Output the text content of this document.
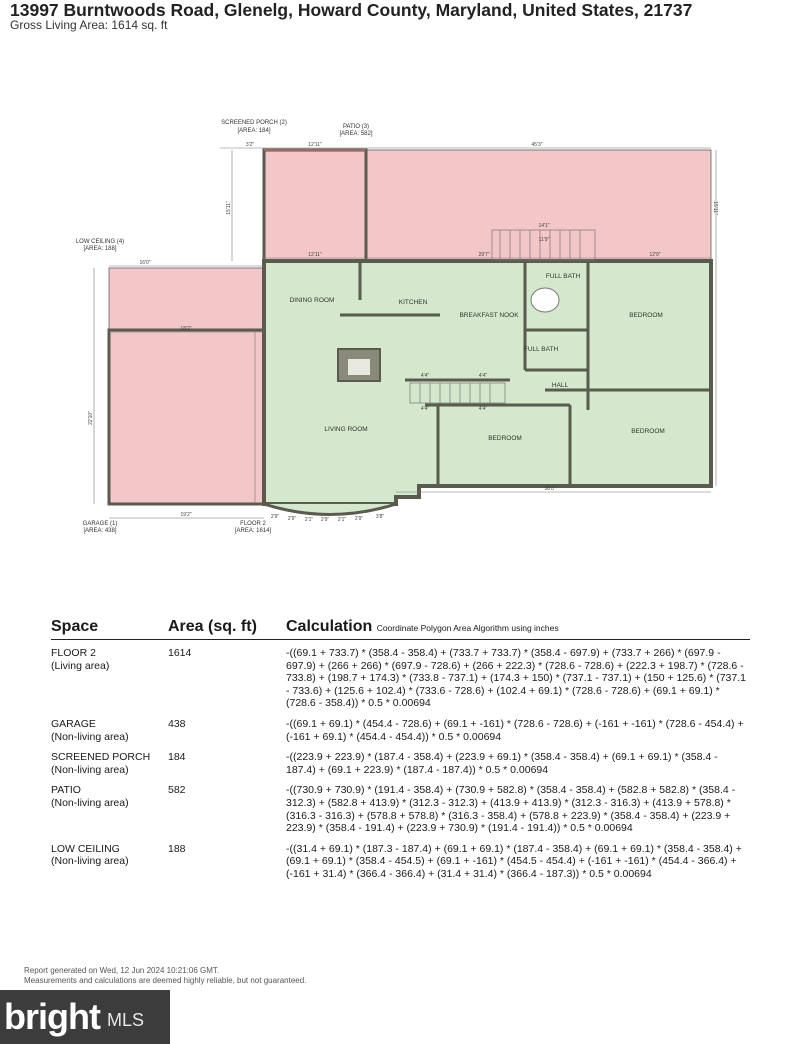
13997 Burntwoods Road, Glenelg, Howard County, Maryland, United States, 21737
Gross Living Area: 1614 sq. ft
SCREENED PORCH (2)
[AREA: 184]
PATIO (3)
[AREA: 582]
LOW CEILING (4)
[AREA: 188]
GARAGE (1)
[AREA: 438]
FLOOR 2
[AREA: 1614]
DINING ROOM	KITCHEN
BREAKFAST NOOK
FULL BATH
FULL BATH
BEDROOM
HALL
LIVING ROOM
BEDROOM
BEDROOM
3'2"	12'11"	45'3"
14'1"
11'9"
16'0"
12'11"	29'7"	12'9"
18'2"
19'2"
38'0"
2'9" 2'9" 2'1" 2'9" 2'1" 2'9"	3'8"
4'4"	4'4"
4'4"	4'4"
15'11"	15'11"
22'10"
Space	Area (sq. ft)	Calculation Coordinate Polygon Area Algorithm using inches
FLOOR 2
(Living area)
1614	-((69.1 + 733.7) * (358.4 - 358.4) + (733.7 + 733.7) * (358.4 - 697.9) + (733.7 + 266) * (697.9 - 697.9) + (266 + 266) * (697.9 - 728.6) + (266 + 222.3) * (728.6 - 728.6) + (222.3 + 198.7) * (728.6 - 733.8) + (198.7 + 174.3) * (733.8 - 737.1) + (174.3 + 150) * (737.1 - 737.1) + (150 + 125.6) * (737.1 - 733.6) + (125.6 + 102.4) * (733.6 - 728.6) + (102.4 + 69.1) * (728.6 - 728.6) + (69.1 + 69.1) * (728.6 - 358.4)) * 0.5 * 0.00694
GARAGE
(Non-living area)
438	-((69.1 + 69.1) * (454.4 - 728.6) + (69.1 + -161) * (728.6 - 728.6) + (-161 + -161) * (728.6 - 454.4) + (-161 + 69.1) * (454.4 - 454.4)) * 0.5 * 0.00694
SCREENED PORCH
(Non-living area)
184	-((223.9 + 223.9) * (187.4 - 358.4) + (223.9 + 69.1) * (358.4 - 358.4) + (69.1 + 69.1) * (358.4 - 187.4) + (69.1 + 223.9) * (187.4 - 187.4)) * 0.5 * 0.00694
PATIO
(Non-living area)
582	-((730.9 + 730.9) * (191.4 - 358.4) + (730.9 + 582.8) * (358.4 - 358.4) + (582.8 + 582.8) * (358.4 - 312.3) + (582.8 + 413.9) * (312.3 - 312.3) + (413.9 + 413.9) * (312.3 - 316.3) + (413.9 + 578.8) * (316.3 - 316.3) + (578.8 + 578.8) * (316.3 - 358.4) + (578.8 + 223.9) * (358.4 - 358.4) + (223.9 + 223.9) * (358.4 - 191.4) + (223.9 + 730.9) * (191.4 - 191.4)) * 0.5 * 0.00694
LOW CEILING
(Non-living area)
188	-((31.4 + 69.1) * (187.3 - 187.4) + (69.1 + 69.1) * (187.4 - 358.4) + (69.1 + 69.1) * (358.4 - 358.4) + (69.1 + 69.1) * (358.4 - 454.5) + (69.1 + -161) * (454.5 - 454.4) + (-161 + -161) * (454.4 - 366.4) + (-161 + 31.4) * (366.4 - 366.4) + (31.4 + 31.4) * (366.4 - 187.3)) * 0.5 * 0.00694
Report generated on Wed, 12 Jun 2024 10:21:06 GMT.
Measurements and calculations are deemed highly reliable, but not guaranteed.
bright MLS
